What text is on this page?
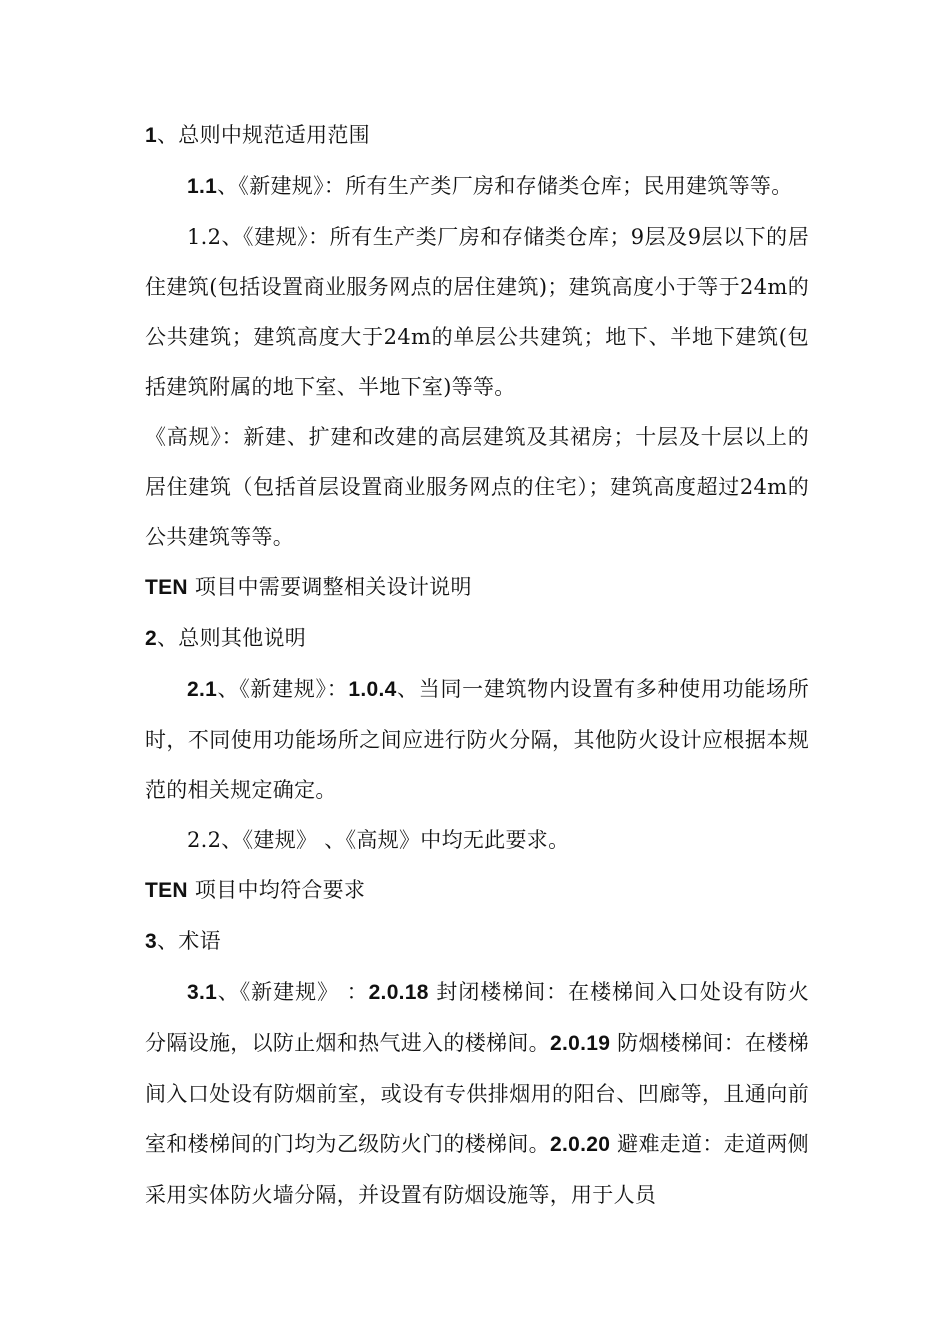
1、总则中规范适用范围

1.1、《新建规》：所有生产类厂房和存储类仓库；民用建筑等等。

1.2、《建规》：所有生产类厂房和存储类仓库；9层及9层以下的居住建筑(包括设置商业服务网点的居住建筑)；建筑高度小于等于24m的公共建筑；建筑高度大于24m的单层公共建筑；地下、半地下建筑(包括建筑附属的地下室、半地下室)等等。

《高规》：新建、扩建和改建的高层建筑及其裙房；十层及十层以上的居住建筑（包括首层设置商业服务网点的住宅）；建筑高度超过24m的公共建筑等等。

TEN 项目中需要调整相关设计说明

2、总则其他说明

2.1、《新建规》：1.0.4、当同一建筑物内设置有多种使用功能场所时，不同使用功能场所之间应进行防火分隔，其他防火设计应根据本规范的相关规定确定。

2.2、《建规》 、《高规》中均无此要求。

TEN 项目中均符合要求

3、术语

3.1、《新建规》 ：2.0.18 封闭楼梯间：在楼梯间入口处设有防火分隔设施，以防止烟和热气进入的楼梯间。2.0.19 防烟楼梯间：在楼梯间入口处设有防烟前室，或设有专供排烟用的阳台、凹廊等，且通向前室和楼梯间的门均为乙级防火门的楼梯间。2.0.20 避难走道：走道两侧采用实体防火墙分隔，并设置有防烟设施等，用于人员
